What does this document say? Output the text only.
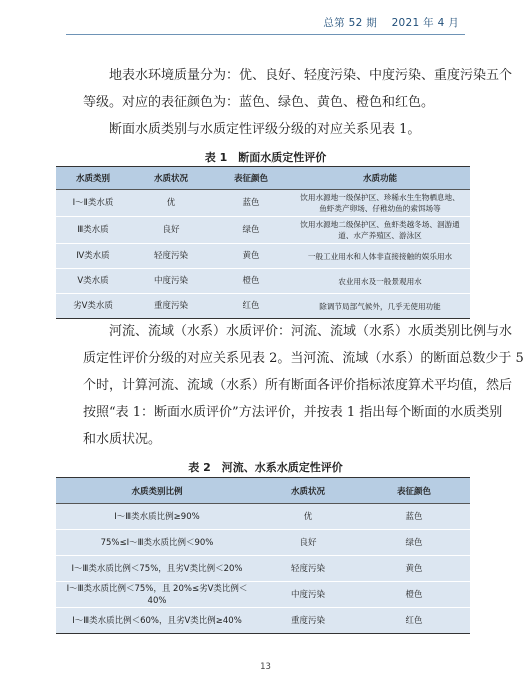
总第 52 期 2021 年 4 月
地表水环境质量分为：优、良好、轻度污染、中度污染、重度污染五个
等级。对应的表征颜色为：蓝色、绿色、黄色、橙色和红色。
断面水质类别与水质定性评级分级的对应关系见表 1。
表 1　断面水质定性评价
水质类别	水质状况	表征颜色	水质功能
Ⅰ～Ⅱ类水质	优	蓝色	饮用水源地一级保护区、珍稀水生生物栖息地、
鱼虾类产卵场、仔稚幼鱼的索饵场等
Ⅲ类水质	良好	绿色	饮用水源地二级保护区、鱼虾类越冬场、洄游通
道、水产养殖区、游泳区
Ⅳ类水质	轻度污染	黄色	一般工业用水和人体非直接接触的娱乐用水
Ⅴ类水质	中度污染	橙色	农业用水及一般景观用水
劣Ⅴ类水质	重度污染	红色	除调节局部气候外，几乎无使用功能
河流、流域（水系）水质评价：河流、流域（水系）水质类别比例与水
质定性评价分级的对应关系见表 2。当河流、流域（水系）的断面总数少于 5
个时，计算河流、流域（水系）所有断面各评价指标浓度算术平均值，然后
按照“表 1：断面水质评价”方法评价，并按表 1 指出每个断面的水质类别
和水质状况。
表 2　河流、水系水质定性评价
水质类别比例	水质状况	表征颜色
Ⅰ～Ⅲ类水质比例≥90%	优	蓝色
75%≤Ⅰ～Ⅲ类水质比例＜90%	良好	绿色
Ⅰ～Ⅲ类水质比例＜75%，且劣Ⅴ类比例＜20%	轻度污染	黄色
Ⅰ～Ⅲ类水质比例＜75%，且 20%≤劣Ⅴ类比例＜40%	中度污染	橙色
Ⅰ～Ⅲ类水质比例＜60%，且劣Ⅴ类比例≥40%	重度污染	红色
13
